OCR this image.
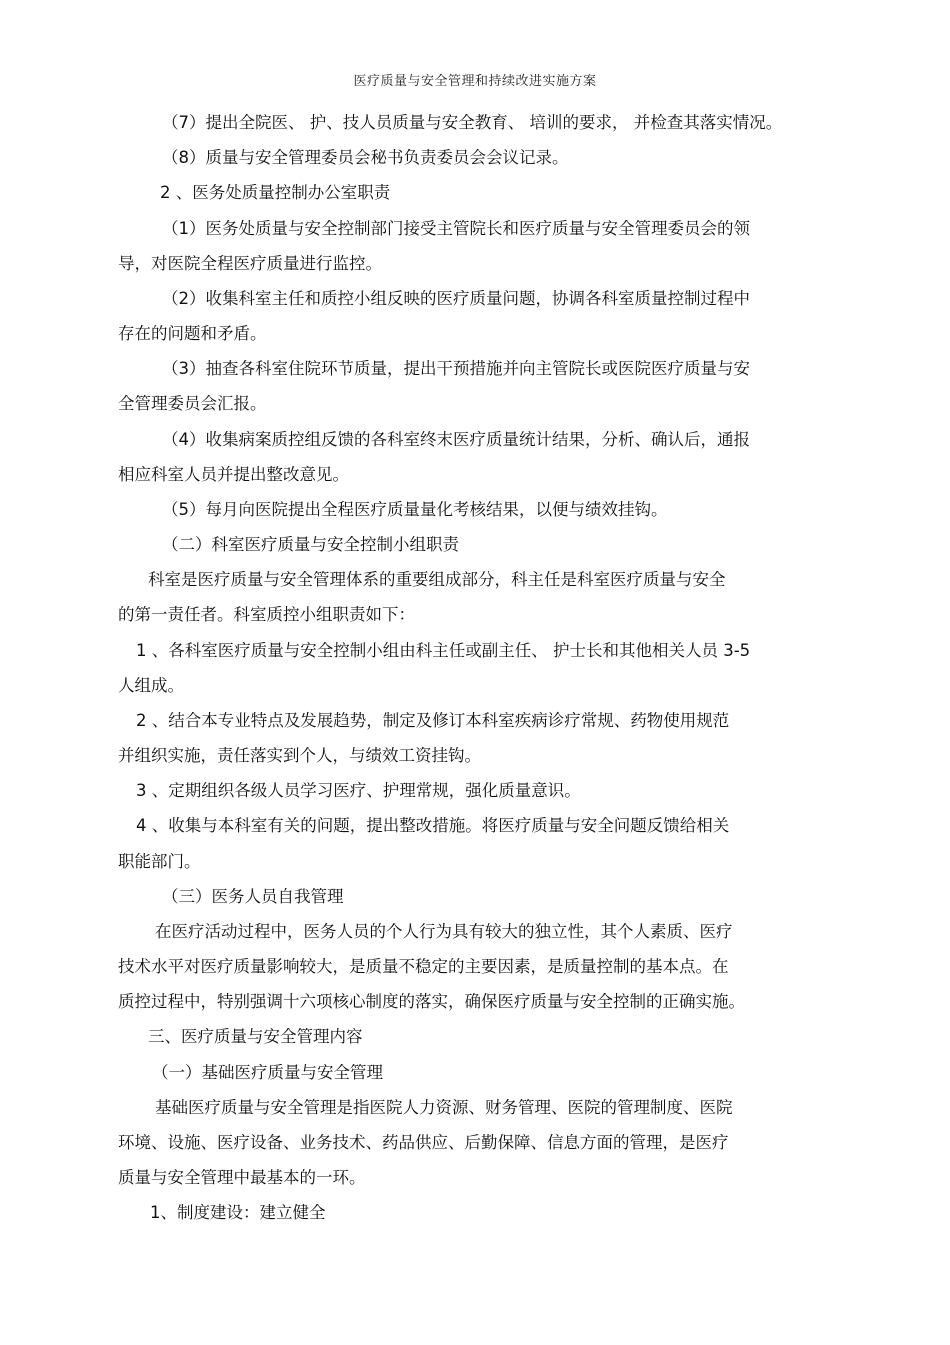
医疗质量与安全管理和持续改进实施方案
（7）提出全院医、 护、技人员质量与安全教育、 培训的要求， 并检查其落实情况。
（8）质量与安全管理委员会秘书负责委员会会议记录。
2 、医务处质量控制办公室职责
（1）医务处质量与安全控制部门接受主管院长和医疗质量与安全管理委员会的领
导，对医院全程医疗质量进行监控。
（2）收集科室主任和质控小组反映的医疗质量问题，协调各科室质量控制过程中
存在的问题和矛盾。
（3）抽查各科室住院环节质量，提出干预措施并向主管院长或医院医疗质量与安
全管理委员会汇报。
（4）收集病案质控组反馈的各科室终末医疗质量统计结果，分析、确认后，通报
相应科室人员并提出整改意见。
（5）每月向医院提出全程医疗质量量化考核结果，以便与绩效挂钩。
（二）科室医疗质量与安全控制小组职责
科室是医疗质量与安全管理体系的重要组成部分，科主任是科室医疗质量与安全
的第一责任者。科室质控小组职责如下：
1 、各科室医疗质量与安全控制小组由科主任或副主任、 护士长和其他相关人员 3-5
人组成。
2 、结合本专业特点及发展趋势，制定及修订本科室疾病诊疗常规、药物使用规范
并组织实施，责任落实到个人，与绩效工资挂钩。
3 、定期组织各级人员学习医疗、护理常规，强化质量意识。
4 、收集与本科室有关的问题，提出整改措施。将医疗质量与安全问题反馈给相关
职能部门。
（三）医务人员自我管理
在医疗活动过程中，医务人员的个人行为具有较大的独立性，其个人素质、医疗
技术水平对医疗质量影响较大，是质量不稳定的主要因素，是质量控制的基本点。在
质控过程中，特别强调十六项核心制度的落实，确保医疗质量与安全控制的正确实施。
三、医疗质量与安全管理内容
（一）基础医疗质量与安全管理
基础医疗质量与安全管理是指医院人力资源、财务管理、医院的管理制度、医院
环境、设施、医疗设备、业务技术、药品供应、后勤保障、信息方面的管理，是医疗
质量与安全管理中最基本的一环。
1、制度建设：建立健全
